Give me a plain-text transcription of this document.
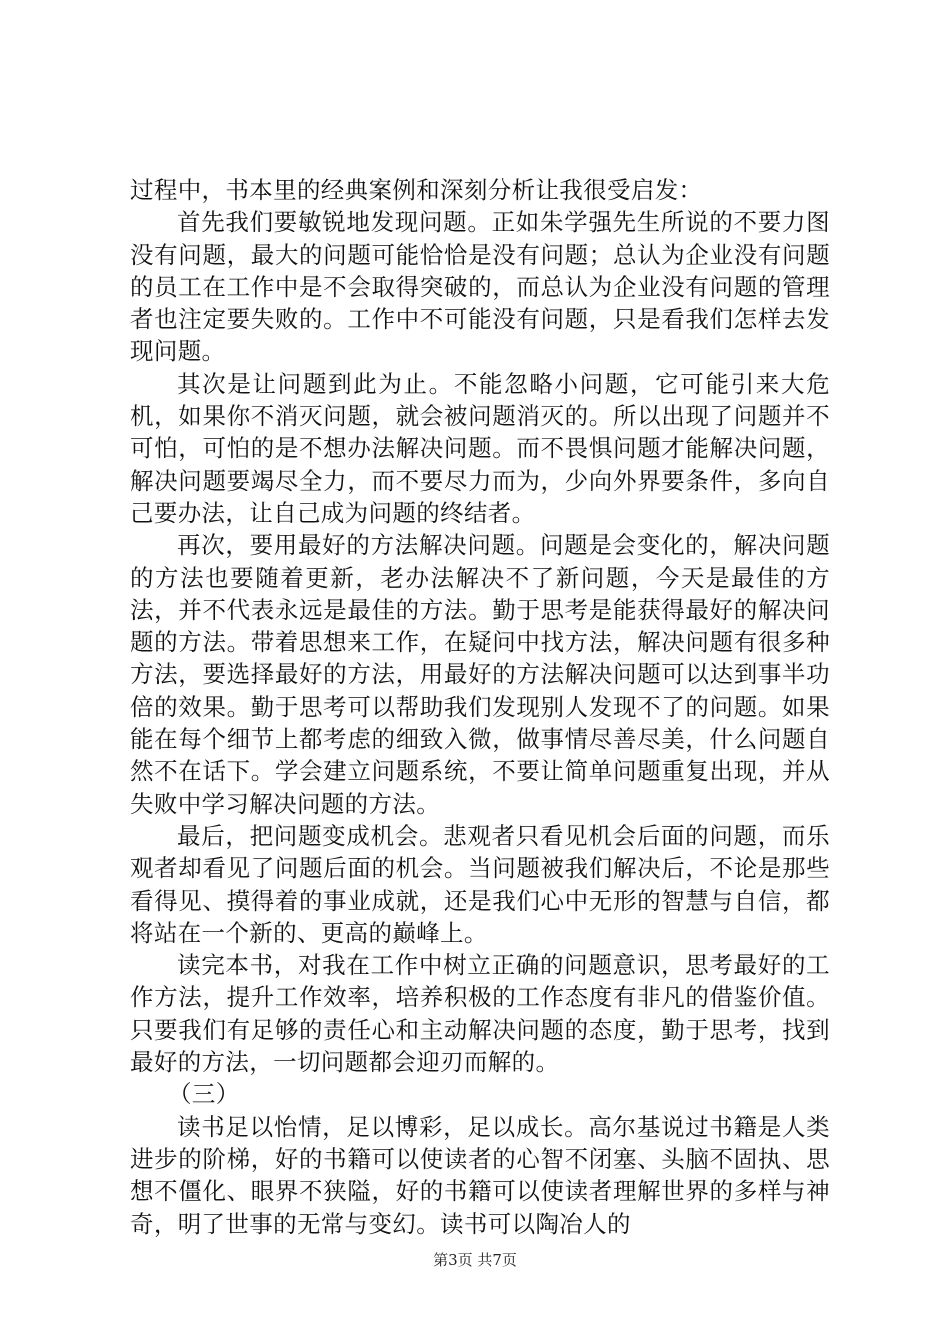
过程中，书本里的经典案例和深刻分析让我很受启发：

首先我们要敏锐地发现问题。正如朱学强先生所说的不要力图没有问题，最大的问题可能恰恰是没有问题；总认为企业没有问题的员工在工作中是不会取得突破的，而总认为企业没有问题的管理者也注定要失败的。工作中不可能没有问题，只是看我们怎样去发现问题。

其次是让问题到此为止。不能忽略小问题，它可能引来大危机，如果你不消灭问题，就会被问题消灭的。所以出现了问题并不可怕，可怕的是不想办法解决问题。而不畏惧问题才能解决问题，解决问题要竭尽全力，而不要尽力而为，少向外界要条件，多向自己要办法，让自己成为问题的终结者。

再次，要用最好的方法解决问题。问题是会变化的，解决问题的方法也要随着更新，老办法解决不了新问题，今天是最佳的方法，并不代表永远是最佳的方法。勤于思考是能获得最好的解决问题的方法。带着思想来工作，在疑问中找方法，解决问题有很多种方法，要选择最好的方法，用最好的方法解决问题可以达到事半功倍的效果。勤于思考可以帮助我们发现别人发现不了的问题。如果能在每个细节上都考虑的细致入微，做事情尽善尽美，什么问题自然不在话下。学会建立问题系统，不要让简单问题重复出现，并从失败中学习解决问题的方法。

最后，把问题变成机会。悲观者只看见机会后面的问题，而乐观者却看见了问题后面的机会。当问题被我们解决后，不论是那些看得见、摸得着的事业成就，还是我们心中无形的智慧与自信，都将站在一个新的、更高的巅峰上。

读完本书，对我在工作中树立正确的问题意识，思考最好的工作方法，提升工作效率，培养积极的工作态度有非凡的借鉴价值。只要我们有足够的责任心和主动解决问题的态度，勤于思考，找到最好的方法，一切问题都会迎刃而解的。

（三）

读书足以怡情，足以博彩，足以成长。高尔基说过书籍是人类进步的阶梯，好的书籍可以使读者的心智不闭塞、头脑不固执、思想不僵化、眼界不狭隘，好的书籍可以使读者理解世界的多样与神奇，明了世事的无常与变幻。读书可以陶冶人的

第3页 共7页
